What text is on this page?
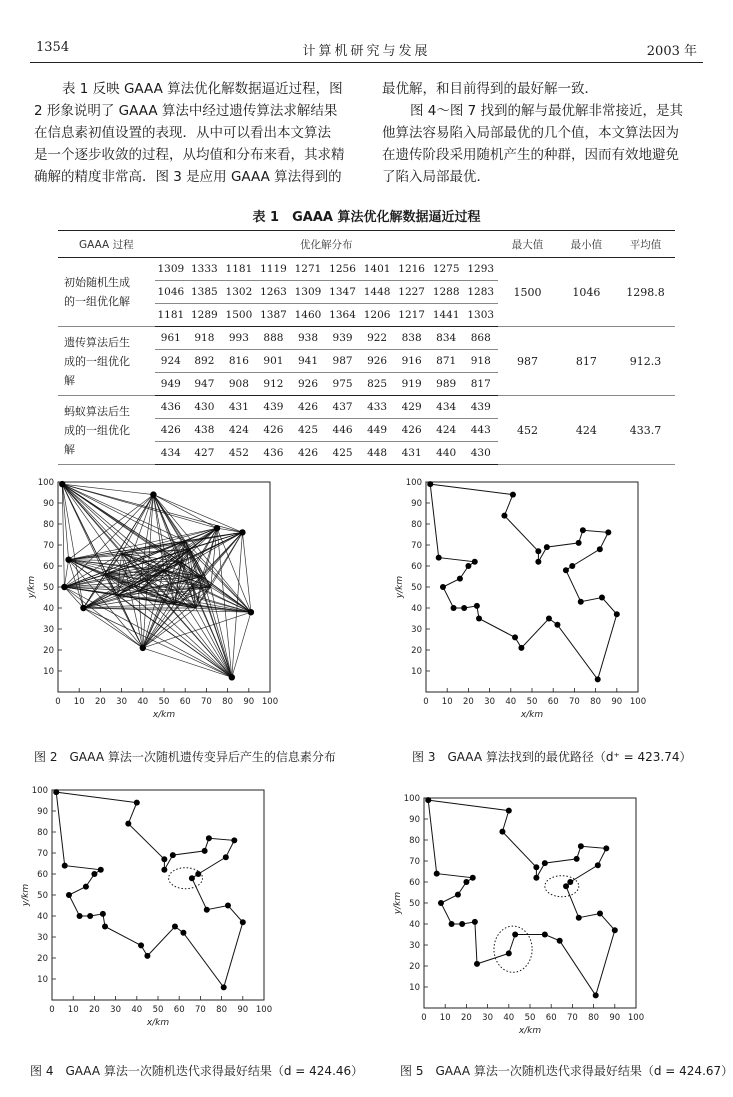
1354	计算机研究与发展	2003 年
表 1 反映 GAAA 算法优化解数据逼近过程，图
2 形象说明了 GAAA 算法中经过遗传算法求解结果
在信息素初值设置的表现．从中可以看出本文算法
是一个逐步收敛的过程，从均值和分布来看，其求精
确解的精度非常高．图 3 是应用 GAAA 算法得到的
最优解，和目前得到的最好解一致．
图 4～图 7 找到的解与最优解非常接近，是其
他算法容易陷入局部最优的几个值，本文算法因为
在遗传阶段采用随机产生的种群，因而有效地避免
了陷入局部最优．
表 1　GAAA 算法优化解数据逼近过程
GAAA 过程	优化解分布										最大值	最小值	平均值

初始随机生成
的一组优化解	1309	1333	1181	1119	1271	1256	1401	1216	1275	1293	1500	1046	1298.8
	1046	1385	1302	1263	1309	1347	1448	1227	1288	1283			
	1181	1289	1500	1387	1460	1364	1206	1217	1441	1303			

遗传算法后生
成的一组优化
解	961	918	993	888	938	939	922	838	834	868	987	817	912.3
	924	892	816	901	941	987	926	916	871	918			
	949	947	908	912	926	975	825	919	989	817			

蚂蚁算法后生
成的一组优化
解	436	430	431	439	426	437	433	429	434	439	452	424	433.7
	426	438	424	426	425	446	449	426	424	443			
	434	427	452	436	426	425	448	431	440	430			
0 10 20 30 40 50 60 70 80 90 100
10
20
30
40
50
60
70
80
90
100
x/km
y/km
0 10 20 30 40 50 60 70 80 90 100
10
20
30
40
50
60
70
80
90
100
x/km
y/km
图 2　GAAA 算法一次随机遗传变异后产生的信息素分布	图 3　GAAA 算法找到的最优路径（d⁺ = 423.74）
0 10 20 30 40 50 60 70 80 90 100
10
20
30
40
50
60
70
80
90
100
x/km
y/km
0 10 20 30 40 50 60 70 80 90 100
10
20
30
40
50
60
70
80
90
100
x/km
y/km
图 4　GAAA 算法一次随机迭代求得最好结果（d = 424.46）	图 5　GAAA 算法一次随机迭代求得最好结果（d = 424.67）
